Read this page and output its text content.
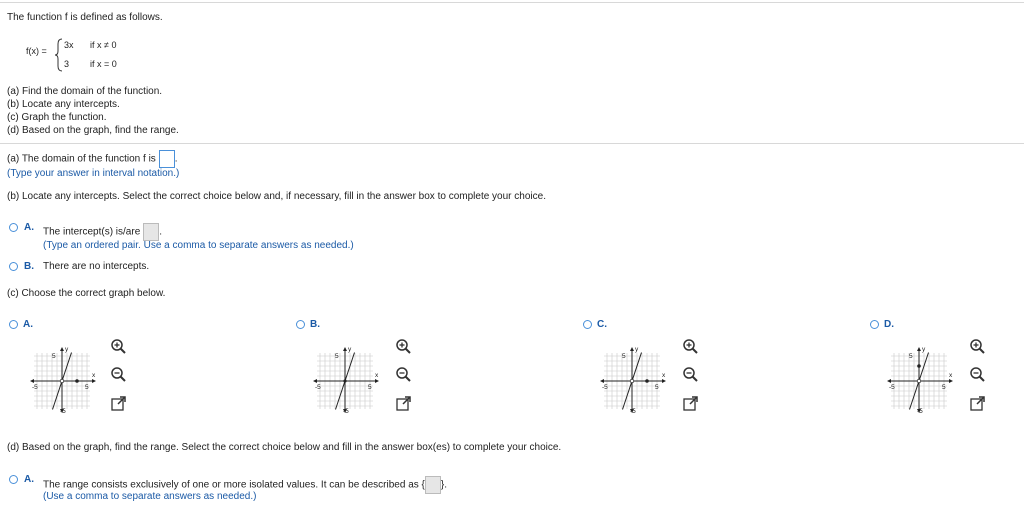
The function f is defined as follows.
f(x) =
3x if x ≠ 0
3 if x = 0
(a) Find the domain of the function.
(b) Locate any intercepts.
(c) Graph the function.
(d) Based on the graph, find the range.
(a) The domain of the function f is .
(Type your answer in interval notation.)
(b) Locate any intercepts. Select the correct choice below and, if necessary, fill in the answer box to complete your choice.
A. The intercept(s) is/are .
(Type an ordered pair. Use a comma to separate answers as needed.)
B. There are no intercepts.
(c) Choose the correct graph below.
A.
y
x
5
5
-5
-5
B.
y
x
5
5
-5
-5
C.
y
x
5
5
-5
-5
D.
y
x
5
5
-5
-5
(d) Based on the graph, find the range. Select the correct choice below and fill in the answer box(es) to complete your choice.
A.
The range consists exclusively of one or more isolated values. It can be described as { }.
(Use a comma to separate answers as needed.)
